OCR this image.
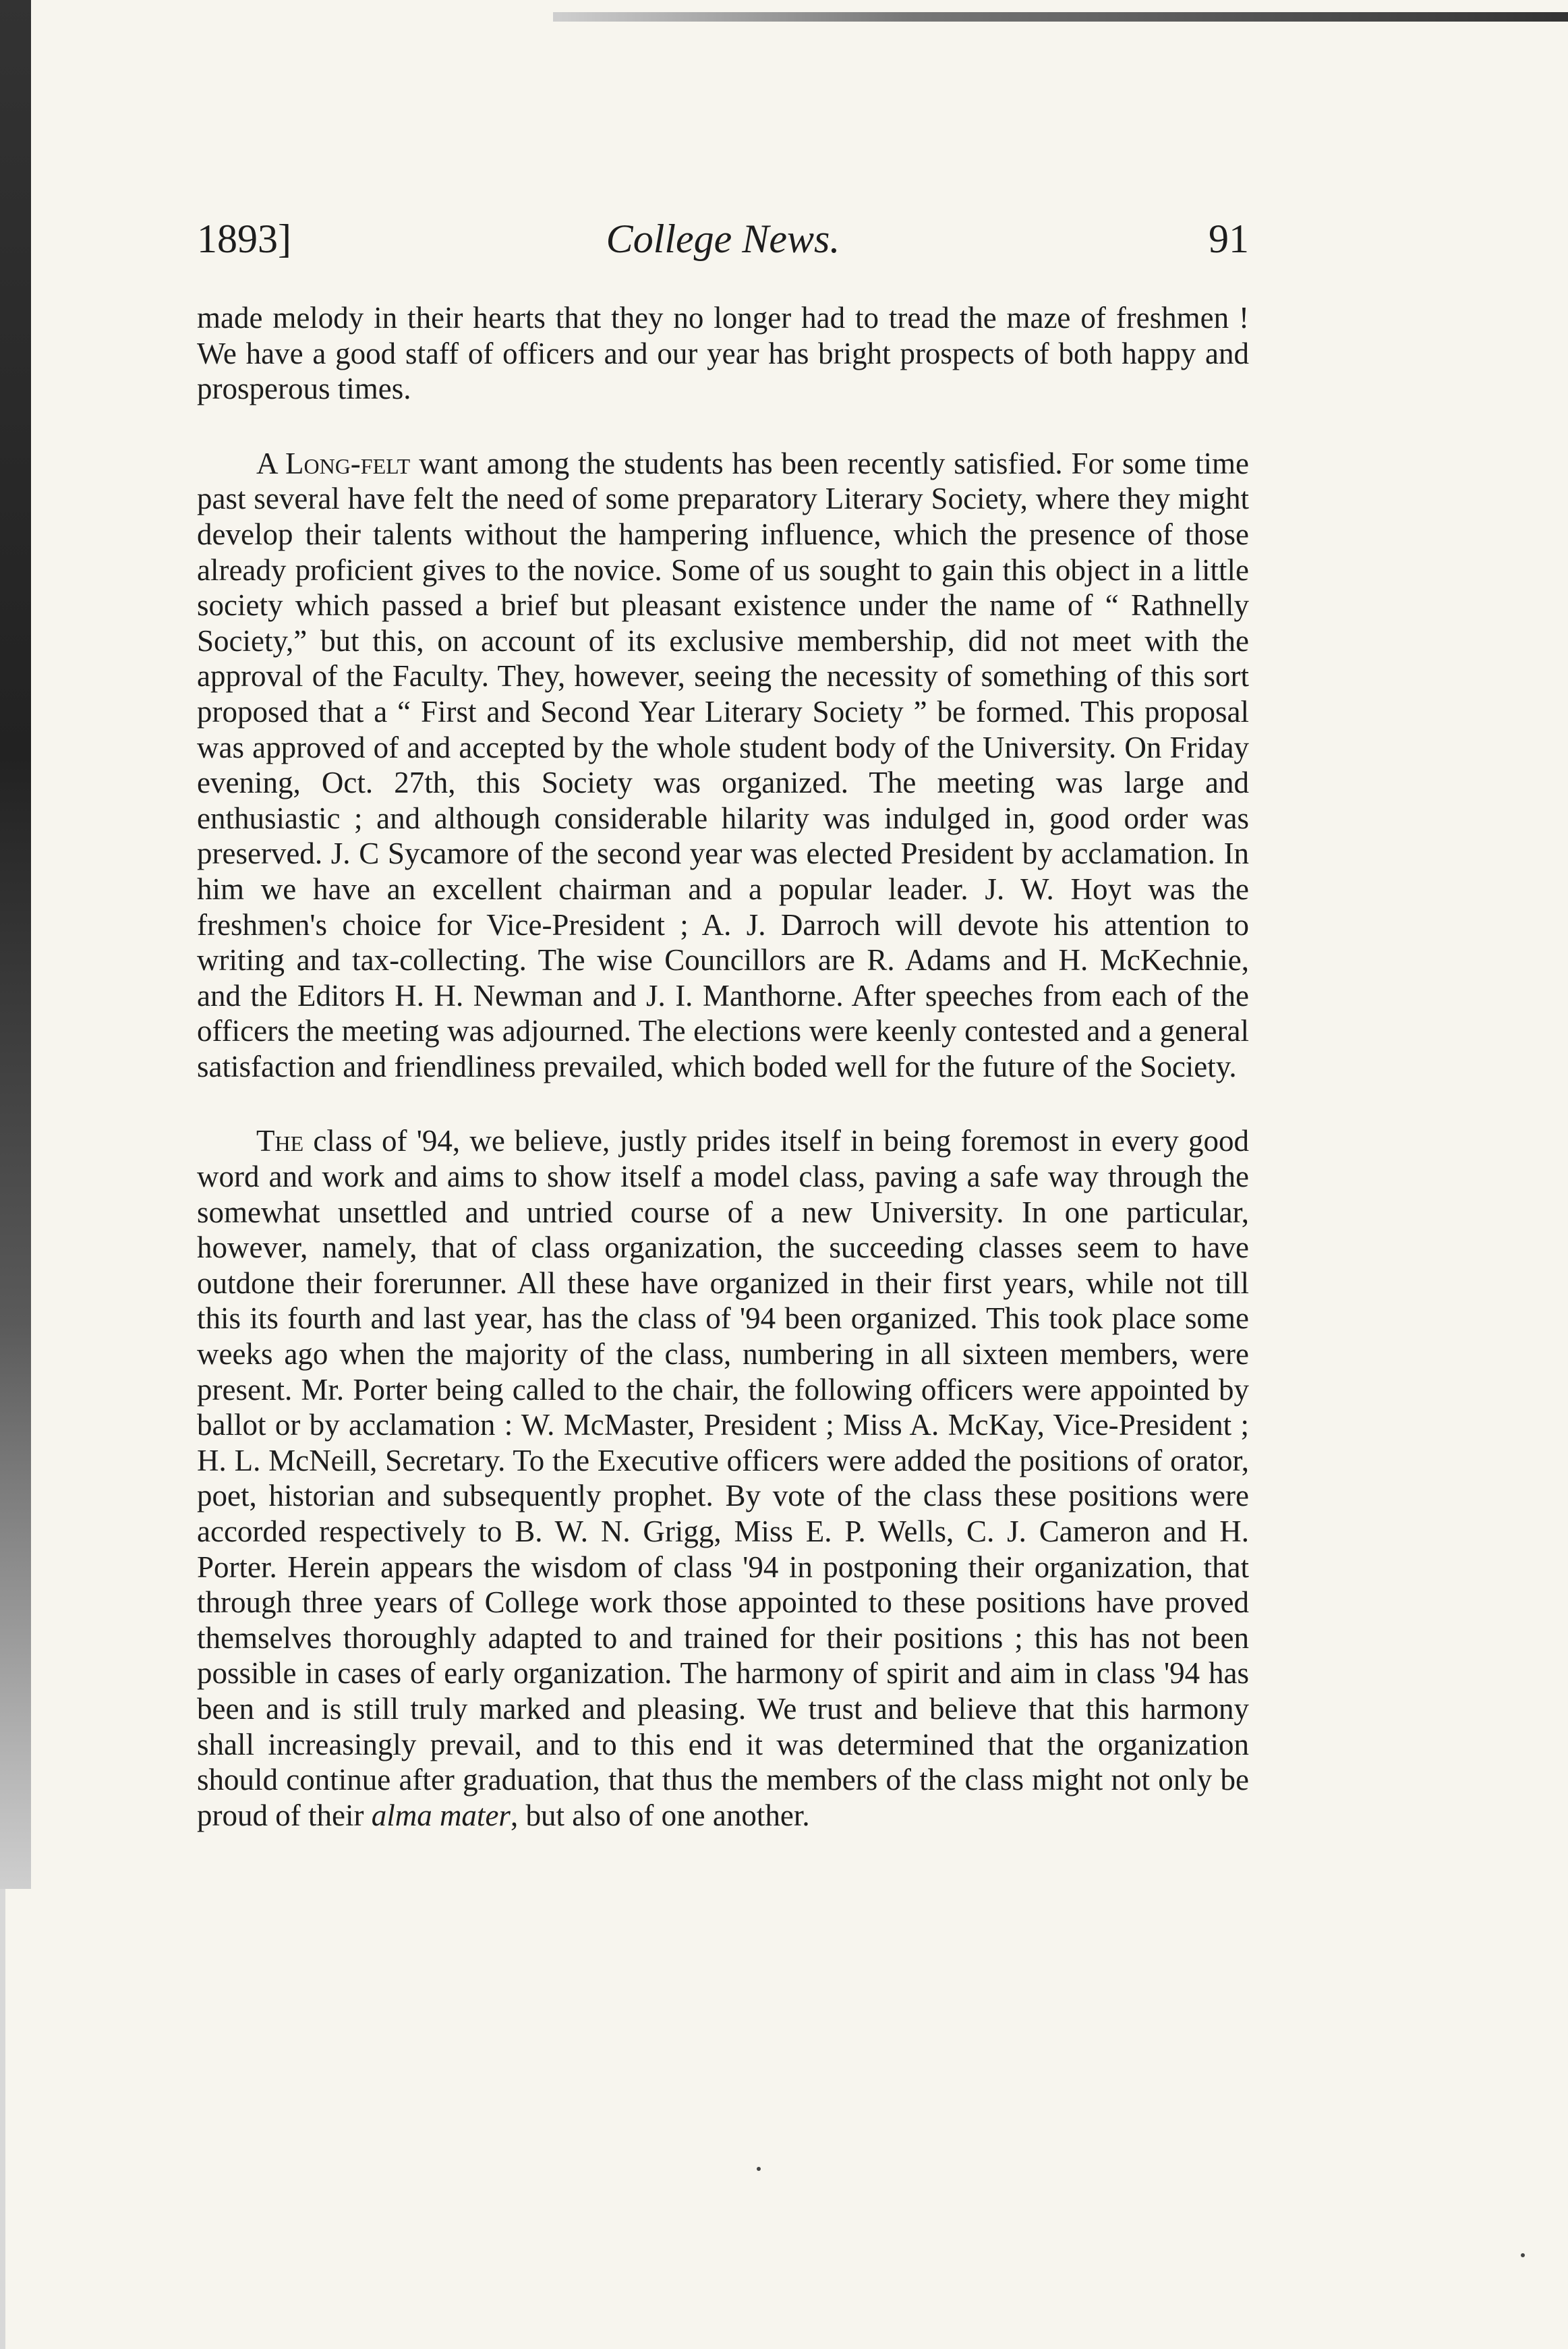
1893]	College News.	91

made melody in their hearts that they no longer had to tread the maze of freshmen ! We have a good staff of officers and our year has bright prospects of both happy and prosperous times.

A Long-felt want among the students has been recently satisfied. For some time past several have felt the need of some preparatory Literary Society, where they might develop their talents without the hampering influence, which the presence of those already proficient gives to the novice. Some of us sought to gain this object in a little society which passed a brief but pleasant existence under the name of “ Rathnelly Society,” but this, on account of its exclusive membership, did not meet with the approval of the Faculty. They, however, seeing the necessity of something of this sort proposed that a “ First and Second Year Literary Society ” be formed. This proposal was approved of and accepted by the whole student body of the University. On Friday evening, Oct. 27th, this Society was organized. The meeting was large and enthusiastic ; and although considerable hilarity was indulged in, good order was preserved. J. C Sycamore of the second year was elected President by acclamation. In him we have an excellent chairman and a popular leader. J. W. Hoyt was the freshmen's choice for Vice-President ; A. J. Darroch will devote his attention to writing and tax-collecting. The wise Councillors are R. Adams and H. McKechnie, and the Editors H. H. Newman and J. I. Manthorne. After speeches from each of the officers the meeting was adjourned. The elections were keenly contested and a general satisfaction and friendliness prevailed, which boded well for the future of the Society.

The class of '94, we believe, justly prides itself in being foremost in every good word and work and aims to show itself a model class, paving a safe way through the somewhat unsettled and untried course of a new University. In one particular, however, namely, that of class organization, the succeeding classes seem to have outdone their forerunner. All these have organized in their first years, while not till this its fourth and last year, has the class of '94 been organized. This took place some weeks ago when the majority of the class, numbering in all sixteen members, were present. Mr. Porter being called to the chair, the following officers were appointed by ballot or by acclamation : W. McMaster, President ; Miss A. McKay, Vice-President ; H. L. McNeill, Secretary. To the Executive officers were added the positions of orator, poet, historian and subsequently prophet. By vote of the class these positions were accorded respectively to B. W. N. Grigg, Miss E. P. Wells, C. J. Cameron and H. Porter. Herein appears the wisdom of class '94 in postponing their organization, that through three years of College work those appointed to these positions have proved themselves thoroughly adapted to and trained for their positions ; this has not been possible in cases of early organization. The harmony of spirit and aim in class '94 has been and is still truly marked and pleasing. We trust and believe that this harmony shall increasingly prevail, and to this end it was determined that the organization should continue after graduation, that thus the members of the class might not only be proud of their alma mater, but also of one another.
